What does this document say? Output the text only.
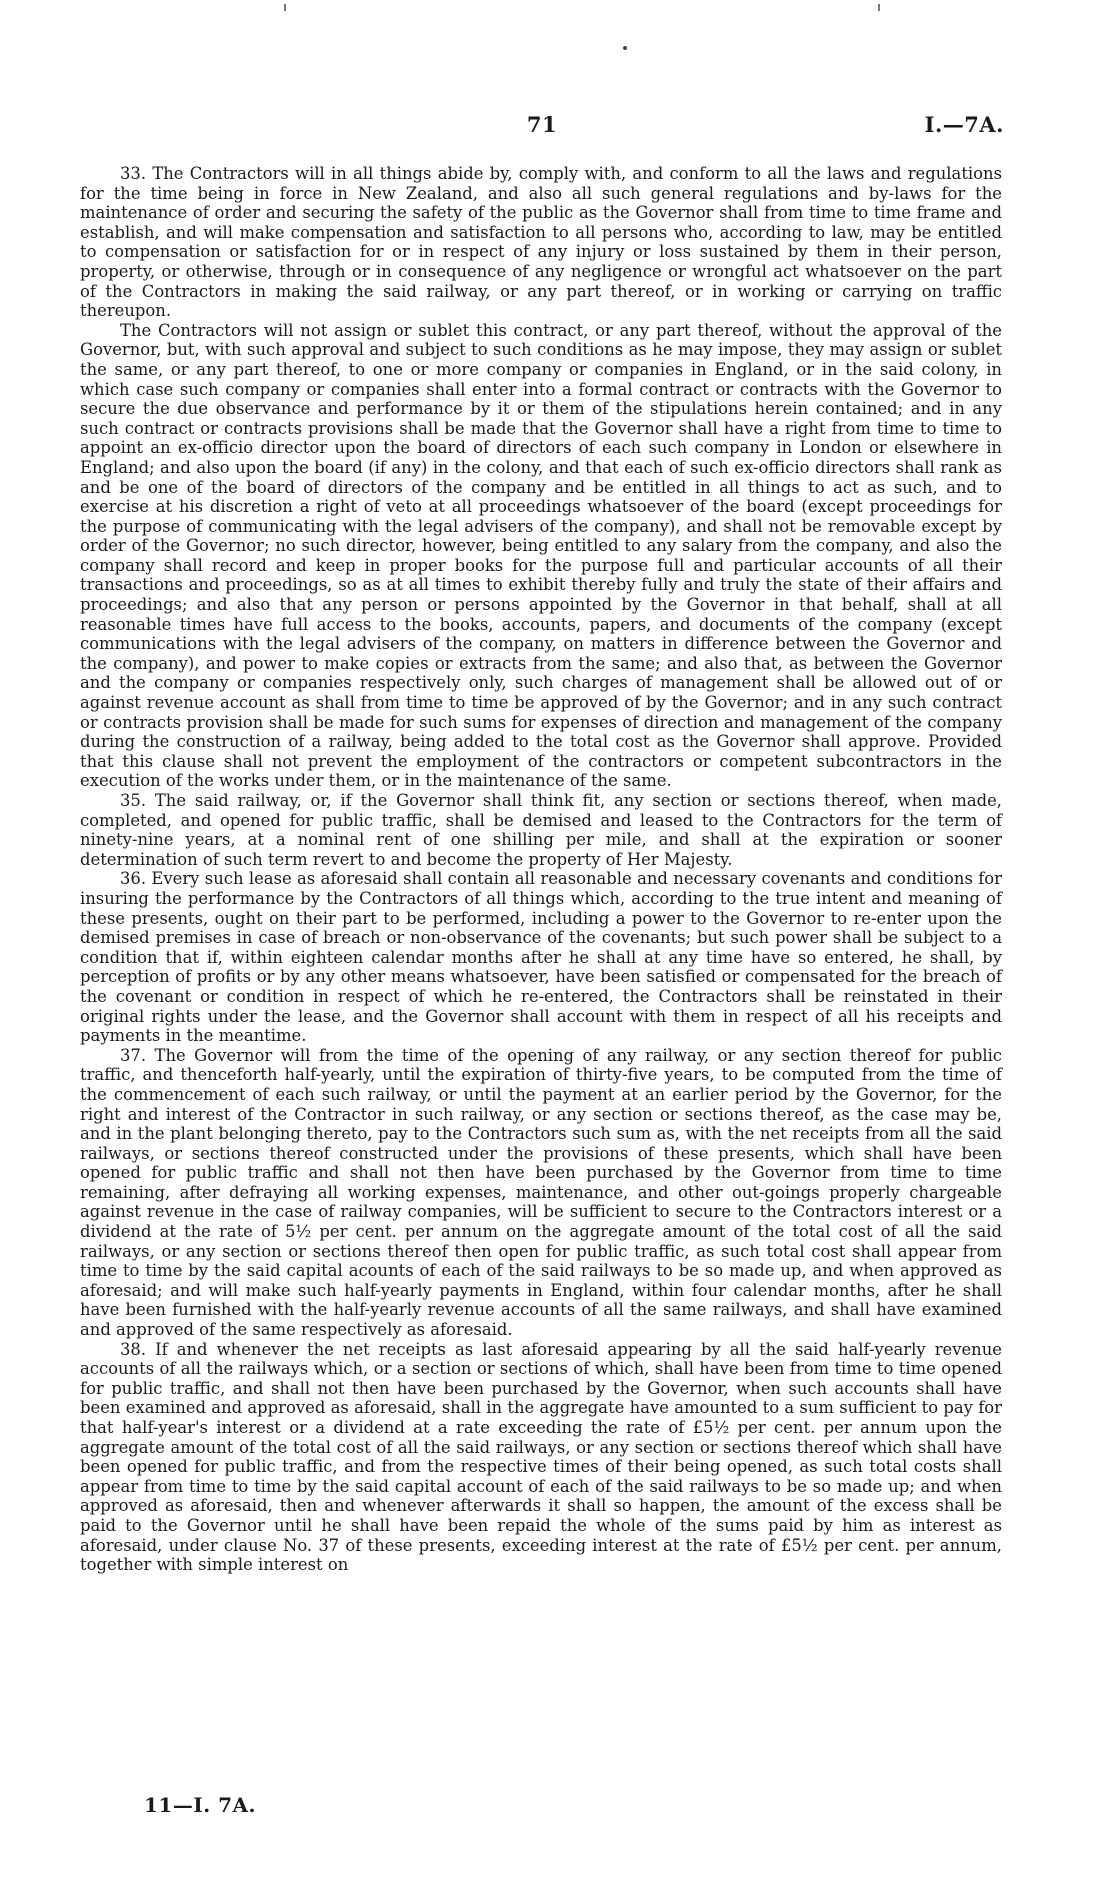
71	I.—7A.

33. The Contractors will in all things abide by, comply with, and conform to all the laws and regulations for the time being in force in New Zealand, and also all such general regulations and by-laws for the maintenance of order and securing the safety of the public as the Governor shall from time to time frame and establish, and will make compensation and satisfaction to all persons who, according to law, may be entitled to compensation or satisfaction for or in respect of any injury or loss sustained by them in their person, property, or otherwise, through or in consequence of any negligence or wrongful act whatsoever on the part of the Contractors in making the said railway, or any part thereof, or in working or carrying on traffic thereupon.

The Contractors will not assign or sublet this contract, or any part thereof, without the approval of the Governor, but, with such approval and subject to such conditions as he may impose, they may assign or sublet the same, or any part thereof, to one or more company or companies in England, or in the said colony, in which case such company or companies shall enter into a formal contract or contracts with the Governor to secure the due observance and performance by it or them of the stipulations herein contained; and in any such contract or contracts provisions shall be made that the Governor shall have a right from time to time to appoint an ex-officio director upon the board of directors of each such company in London or elsewhere in England; and also upon the board (if any) in the colony, and that each of such ex-officio directors shall rank as and be one of the board of directors of the company and be entitled in all things to act as such, and to exercise at his discretion a right of veto at all proceedings whatsoever of the board (except proceedings for the purpose of communicating with the legal advisers of the company), and shall not be removable except by order of the Governor; no such director, however, being entitled to any salary from the company, and also the company shall record and keep in proper books for the purpose full and particular accounts of all their transactions and proceedings, so as at all times to exhibit thereby fully and truly the state of their affairs and proceedings; and also that any person or persons appointed by the Governor in that behalf, shall at all reasonable times have full access to the books, accounts, papers, and documents of the company (except communications with the legal advisers of the company, on matters in difference between the Governor and the company), and power to make copies or extracts from the same; and also that, as between the Governor and the company or companies respectively only, such charges of management shall be allowed out of or against revenue account as shall from time to time be approved of by the Governor; and in any such contract or contracts provision shall be made for such sums for expenses of direction and management of the company during the construction of a railway, being added to the total cost as the Governor shall approve. Provided that this clause shall not prevent the employment of the contractors or competent subcontractors in the execution of the works under them, or in the maintenance of the same.

35. The said railway, or, if the Governor shall think fit, any section or sections thereof, when made, completed, and opened for public traffic, shall be demised and leased to the Contractors for the term of ninety-nine years, at a nominal rent of one shilling per mile, and shall at the expiration or sooner determination of such term revert to and become the property of Her Majesty.

36. Every such lease as aforesaid shall contain all reasonable and necessary covenants and conditions for insuring the performance by the Contractors of all things which, according to the true intent and meaning of these presents, ought on their part to be performed, including a power to the Governor to re-enter upon the demised premises in case of breach or non-observance of the covenants; but such power shall be subject to a condition that if, within eighteen calendar months after he shall at any time have so entered, he shall, by perception of profits or by any other means whatsoever, have been satisfied or compensated for the breach of the covenant or condition in respect of which he re-entered, the Contractors shall be reinstated in their original rights under the lease, and the Governor shall account with them in respect of all his receipts and payments in the meantime.

37. The Governor will from the time of the opening of any railway, or any section thereof for public traffic, and thenceforth half-yearly, until the expiration of thirty-five years, to be computed from the time of the commencement of each such railway, or until the payment at an earlier period by the Governor, for the right and interest of the Contractor in such railway, or any section or sections thereof, as the case may be, and in the plant belonging thereto, pay to the Contractors such sum as, with the net receipts from all the said railways, or sections thereof constructed under the provisions of these presents, which shall have been opened for public traffic and shall not then have been purchased by the Governor from time to time remaining, after defraying all working expenses, maintenance, and other out-goings properly chargeable against revenue in the case of railway companies, will be sufficient to secure to the Contractors interest or a dividend at the rate of 5½ per cent. per annum on the aggregate amount of the total cost of all the said railways, or any section or sections thereof then open for public traffic, as such total cost shall appear from time to time by the said capital acounts of each of the said railways to be so made up, and when approved as aforesaid; and will make such half-yearly payments in England, within four calendar months, after he shall have been furnished with the half-yearly revenue accounts of all the same railways, and shall have examined and approved of the same respectively as aforesaid.

38. If and whenever the net receipts as last aforesaid appearing by all the said half-yearly revenue accounts of all the railways which, or a section or sections of which, shall have been from time to time opened for public traffic, and shall not then have been purchased by the Governor, when such accounts shall have been examined and approved as aforesaid, shall in the aggregate have amounted to a sum sufficient to pay for that half-year's interest or a dividend at a rate exceeding the rate of £5½ per cent. per annum upon the aggregate amount of the total cost of all the said railways, or any section or sections thereof which shall have been opened for public traffic, and from the respective times of their being opened, as such total costs shall appear from time to time by the said capital account of each of the said railways to be so made up; and when approved as aforesaid, then and whenever afterwards it shall so happen, the amount of the excess shall be paid to the Governor until he shall have been repaid the whole of the sums paid by him as interest as aforesaid, under clause No. 37 of these presents, exceeding interest at the rate of £5½ per cent. per annum, together with simple interest on

11—I. 7A.
